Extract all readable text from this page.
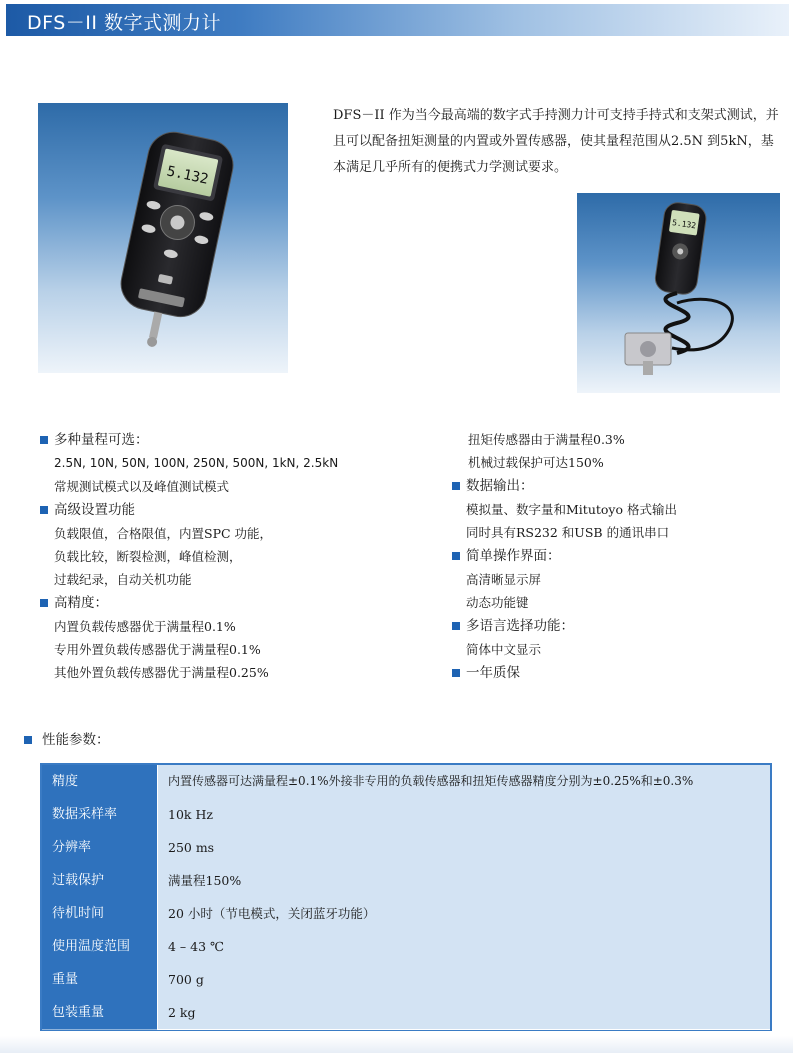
DFS－II 数字式测力计
5.132
DFS－II 作为当今最高端的数字式手持测力计可支持手持式和支架式测试，并且可以配备扭矩测量的内置或外置传感器，使其量程范围从2.5N 到5kN，基本满足几乎所有的便携式力学测试要求。
5.132
多种量程可选：
2.5N, 10N, 50N, 100N, 250N, 500N, 1kN, 2.5kN
常规测试模式以及峰值测试模式
高级设置功能
负载限值，合格限值，内置SPC 功能，
负载比较，断裂检测，峰值检测，
过载纪录，自动关机功能
高精度：
内置负载传感器优于满量程0.1%
专用外置负载传感器优于满量程0.1%
其他外置负载传感器优于满量程0.25%
扭矩传感器由于满量程0.3%
机械过载保护可达150%
数据输出：
模拟量、数字量和Mitutoyo 格式输出
同时具有RS232 和USB 的通讯串口
简单操作界面：
高清晰显示屏
动态功能键
多语言选择功能：
简体中文显示
一年质保
性能参数：
精度	内置传感器可达满量程±0.1%外接非专用的负载传感器和扭矩传感器精度分别为±0.25%和±0.3%
数据采样率	10k Hz
分辨率	250 ms
过载保护	满量程150%
待机时间	20 小时（节电模式，关闭蓝牙功能）
使用温度范围	4 – 43 ℃
重量	700 g
包装重量	2 kg
